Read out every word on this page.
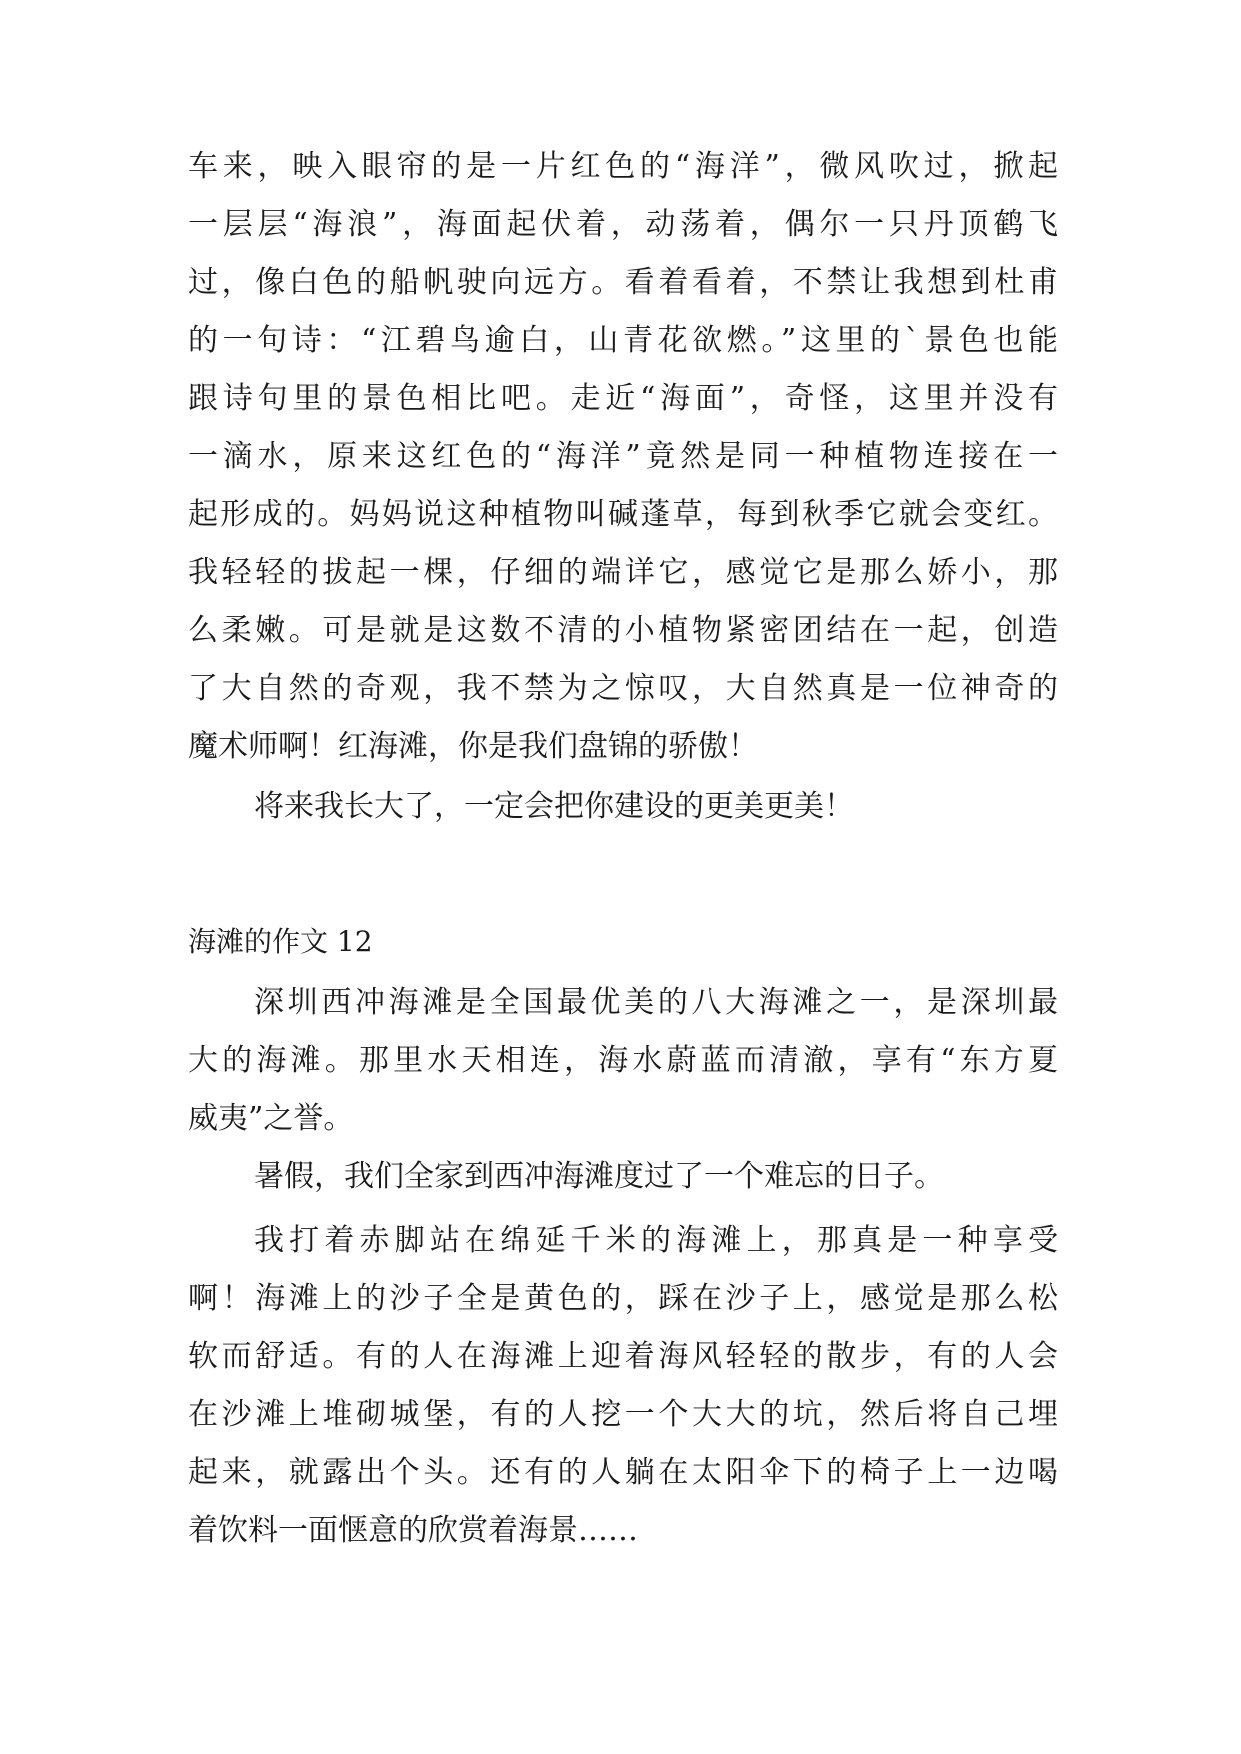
车来，映入眼帘的是一片红色的“海洋”，微风吹过，掀起
一层层“海浪”，海面起伏着，动荡着，偶尔一只丹顶鹤飞
过，像白色的船帆驶向远方。看着看着，不禁让我想到杜甫
的一句诗：“江碧鸟逾白，山青花欲燃。”这里的`景色也能
跟诗句里的景色相比吧。走近“海面”，奇怪，这里并没有
一滴水，原来这红色的“海洋”竟然是同一种植物连接在一
起形成的。妈妈说这种植物叫碱蓬草，每到秋季它就会变红。
我轻轻的拔起一棵，仔细的端详它，感觉它是那么娇小，那
么柔嫩。可是就是这数不清的小植物紧密团结在一起，创造
了大自然的奇观，我不禁为之惊叹，大自然真是一位神奇的
魔术师啊！红海滩，你是我们盘锦的骄傲！
将来我长大了，一定会把你建设的更美更美！
海滩的作文 12
深圳西冲海滩是全国最优美的八大海滩之一，是深圳最
大的海滩。那里水天相连，海水蔚蓝而清澈，享有“东方夏
威夷”之誉。
暑假，我们全家到西冲海滩度过了一个难忘的日子。
我打着赤脚站在绵延千米的海滩上，那真是一种享受
啊！海滩上的沙子全是黄色的，踩在沙子上，感觉是那么松
软而舒适。有的人在海滩上迎着海风轻轻的散步，有的人会
在沙滩上堆砌城堡，有的人挖一个大大的坑，然后将自己埋
起来，就露出个头。还有的人躺在太阳伞下的椅子上一边喝
着饮料一面惬意的欣赏着海景……
